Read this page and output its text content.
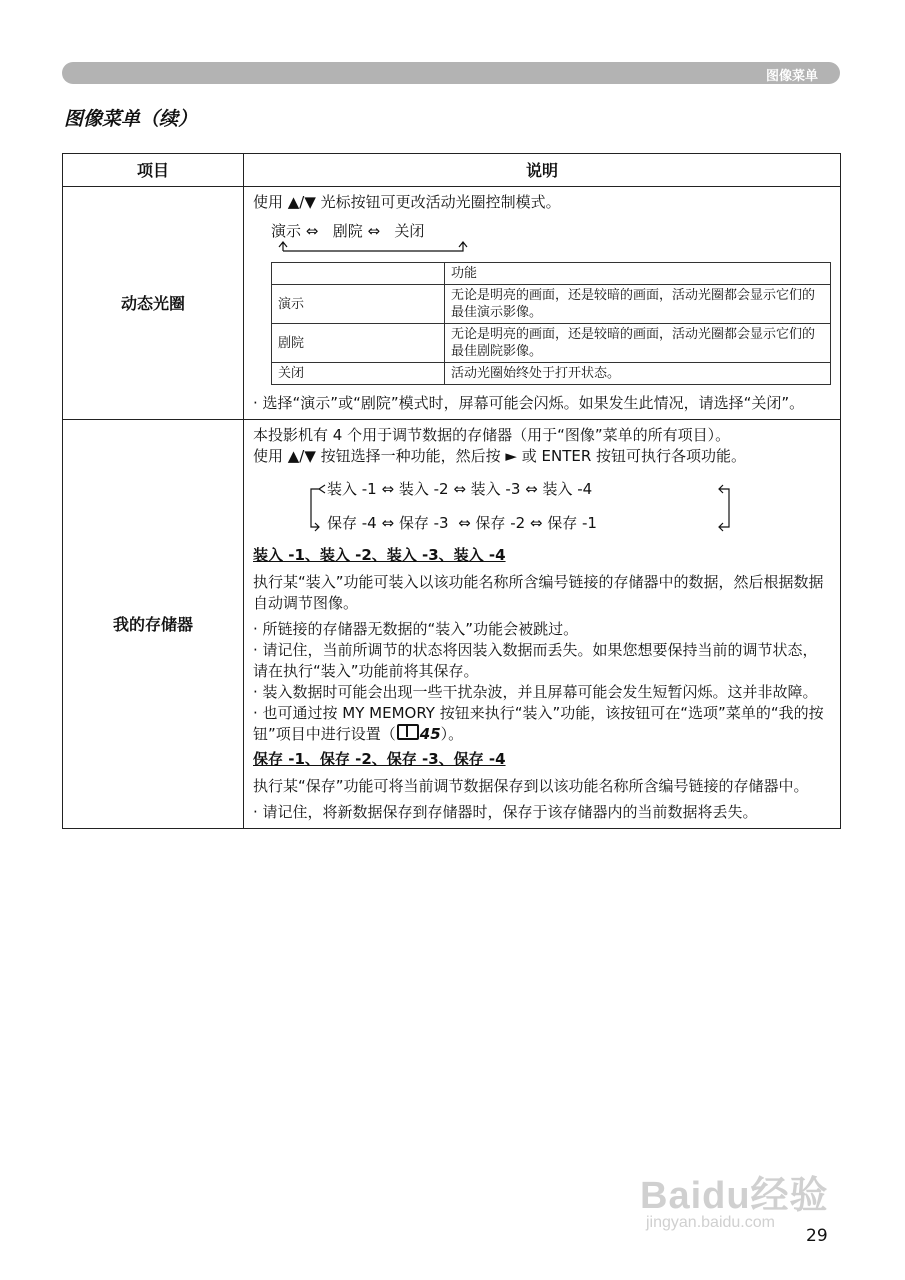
图像菜单
图像菜单（续）
项目	说明
动态光圈	

使用 ▲/▼ 光标按钮可更改活动光圈控制模式。

演示 ⇔ 剧院 ⇔ 关闭
	功能
演示	无论是明亮的画面，还是较暗的画面，活动光圈都会显示它们的最佳演示影像。
剧院	无论是明亮的画面，还是较暗的画面，活动光圈都会显示它们的最佳剧院影像。
关闭	活动光圈始终处于打开状态。

· 选择“演示”或“剧院”模式时，屏幕可能会闪烁。如果发生此情况，请选择“关闭”。

我的存储器	

本投影机有 4 个用于调节数据的存储器（用于“图像”菜单的所有项目）。

使用 ▲/▼ 按钮选择一种功能，然后按 ► 或 ENTER 按钮可执行各项功能。

装入 -1 ⇔ 装入 -2 ⇔ 装入 -3 ⇔ 装入 -4
保存 -4 ⇔ 保存 -3  ⇔ 保存 -2 ⇔ 保存 -1

装入 -1、装入 -2、装入 -3、装入 -4

执行某“装入”功能可装入以该功能名称所含编号链接的存储器中的数据，然后根据数据自动调节图像。

· 所链接的存储器无数据的“装入”功能会被跳过。

· 请记住，当前所调节的状态将因装入数据而丢失。如果您想要保持当前的调节状态，请在执行“装入”功能前将其保存。

· 装入数据时可能会出现一些干扰杂波，并且屏幕可能会发生短暂闪烁。这并非故障。

· 也可通过按 MY MEMORY 按钮来执行“装入”功能，该按钮可在“选项”菜单的“我的按钮”项目中进行设置（ 45）。

保存 -1、保存 -2、保存 -3、保存 -4

执行某“保存”功能可将当前调节数据保存到以该功能名称所含编号链接的存储器中。

· 请记住，将新数据保存到存储器时，保存于该存储器内的当前数据将丢失。

Baidu经验
jingyan.baidu.com
29
